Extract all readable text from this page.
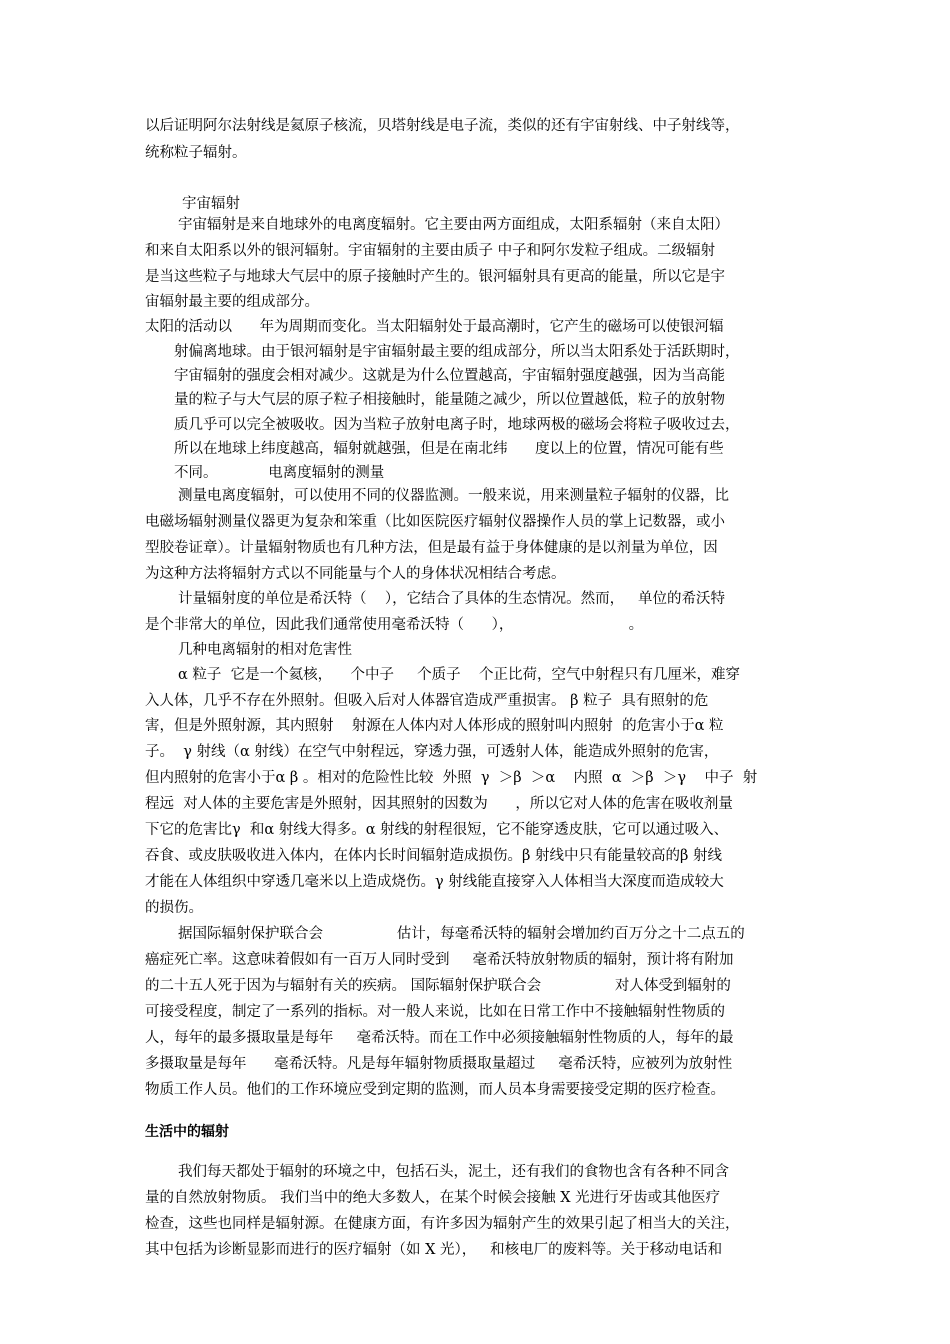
以后证明阿尔法射线是氦原子核流，贝塔射线是电子流，类似的还有宇宙射线、中子射线等，

统称粒子辐射。

宇宙辐射

宇宙辐射是来自地球外的电离度辐射。它主要由两方面组成，太阳系辐射（来自太阳）

和来自太阳系以外的银河辐射。宇宙辐射的主要由质子 中子和阿尔发粒子组成。二级辐射

是当这些粒子与地球大气层中的原子接触时产生的。银河辐射具有更高的能量，所以它是宇

宙辐射最主要的组成部分。

太阳的活动以      年为周期而变化。当太阳辐射处于最高潮时，它产生的磁场可以使银河辐

射偏离地球。由于银河辐射是宇宙辐射最主要的组成部分，所以当太阳系处于活跃期时，

宇宙辐射的强度会相对减少。这就是为什么位置越高，宇宙辐射强度越强，因为当高能

量的粒子与大气层的原子粒子相接触时，能量随之减少，所以位置越低，粒子的放射物

质几乎可以完全被吸收。因为当粒子放射电离子时，地球两极的磁场会将粒子吸收过去，

所以在地球上纬度越高，辐射就越强，但是在南北纬      度以上的位置，情况可能有些

不同。           电离度辐射的测量

测量电离度辐射，可以使用不同的仪器监测。一般来说，用来测量粒子辐射的仪器，比

电磁场辐射测量仪器更为复杂和笨重（比如医院医疗辐射仪器操作人员的掌上记数器，或小

型胶卷证章）。计量辐射物质也有几种方法，但是最有益于身体健康的是以剂量为单位，因

为这种方法将辐射方式以不同能量与个人的身体状况相结合考虑。

计量辐射度的单位是希沃特（    ），它结合了具体的生态情况。然而，   单位的希沃特

是个非常大的单位，因此我们通常使用毫希沃特（      ），                         。

几种电离辐射的相对危害性

α 粒子  它是一个氦核，    个中子     个质子    个正比荷，空气中射程只有几厘米，难穿

入人体，几乎不存在外照射。但吸入后对人体器官造成严重损害。 β 粒子  具有照射的危

害，但是外照射源，其内照射    射源在人体内对人体形成的照射叫内照射  的危害小于α 粒

子。  γ 射线（α 射线）在空气中射程远，穿透力强，可透射人体，能造成外照射的危害，

但内照射的危害小于α β 。相对的危险性比较  外照  γ  ＞β  ＞α    内照  α  ＞β  ＞γ    中子  射

程远  对人体的主要危害是外照射，因其照射的因数为      ，所以它对人体的危害在吸收剂量

下它的危害比γ  和α 射线大得多。α 射线的射程很短，它不能穿透皮肤，它可以通过吸入、

吞食、或皮肤吸收进入体内，在体内长时间辐射造成损伤。β 射线中只有能量较高的β 射线

才能在人体组织中穿透几毫米以上造成烧伤。γ 射线能直接穿入人体相当大深度而造成较大

的损伤。

据国际辐射保护联合会                估计，每毫希沃特的辐射会增加约百万分之十二点五的

癌症死亡率。这意味着假如有一百万人同时受到     毫希沃特放射物质的辐射，预计将有附加

的二十五人死于因为与辐射有关的疾病。 国际辐射保护联合会                对人体受到辐射的

可接受程度，制定了一系列的指标。对一般人来说，比如在日常工作中不接触辐射性物质的

人，每年的最多摄取量是每年     毫希沃特。而在工作中必须接触辐射性物质的人，每年的最

多摄取量是每年      毫希沃特。凡是每年辐射物质摄取量超过     毫希沃特，应被列为放射性

物质工作人员。他们的工作环境应受到定期的监测，而人员本身需要接受定期的医疗检查。

生活中的辐射

我们每天都处于辐射的环境之中，包括石头，泥土，还有我们的食物也含有各种不同含

量的自然放射物质。 我们当中的绝大多数人，在某个时候会接触 X 光进行牙齿或其他医疗

检查，这些也同样是辐射源。在健康方面，有许多因为辐射产生的效果引起了相当大的关注，

其中包括为诊断显影而进行的医疗辐射（如 X 光），   和核电厂的废料等。关于移动电话和
